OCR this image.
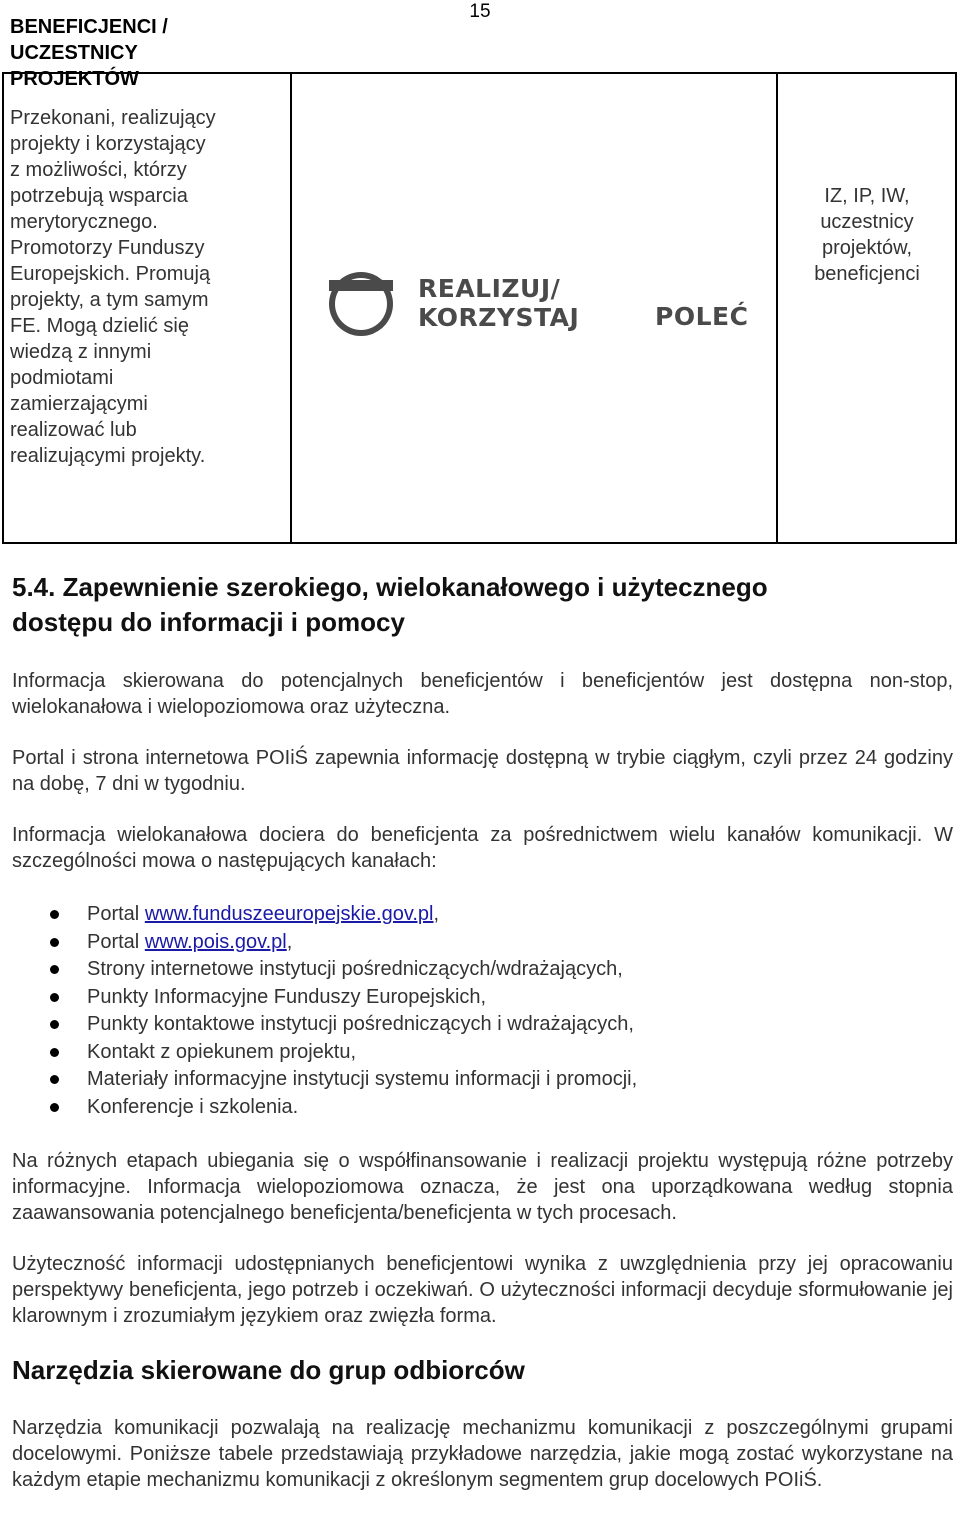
15
BENEFICJENCI /
UCZESTNICY
PROJEKTÓW
Przekonani, realizujący
projekty i korzystający
z możliwości, którzy
potrzebują wsparcia
merytorycznego.
Promotorzy Funduszy
Europejskich. Promują
projekty, a tym samym
FE. Mogą dzielić się
wiedzą z innymi
podmiotami
zamierzającymi
realizować lub
realizującymi projekty.
REALIZUJ/
KORZYSTAJ	POLEĆ
IZ, IP, IW,
uczestnicy
projektów,
beneficjenci
5.4. Zapewnienie szerokiego, wielokanałowego i użytecznego
dostępu do informacji i pomocy
Informacja skierowana do potencjalnych beneficjentów i beneficjentów jest dostępna non-stop, wielokanałowa i wielopoziomowa oraz użyteczna.
Portal i strona internetowa POIiŚ zapewnia informację dostępną w trybie ciągłym, czyli przez 24 godziny na dobę, 7 dni w tygodniu.
Informacja wielokanałowa dociera do beneficjenta za pośrednictwem wielu kanałów komunikacji. W szczególności mowa o następujących kanałach:
Portal www.funduszeeuropejskie.gov.pl,
Portal www.pois.gov.pl,
Strony internetowe instytucji pośredniczących/wdrażających,
Punkty Informacyjne Funduszy Europejskich,
Punkty kontaktowe instytucji pośredniczących i wdrażających,
Kontakt z opiekunem projektu,
Materiały informacyjne instytucji systemu informacji i promocji,
Konferencje i szkolenia.
Na różnych etapach ubiegania się o współfinansowanie i realizacji projektu występują różne potrzeby informacyjne. Informacja wielopoziomowa oznacza, że jest ona uporządkowana według stopnia zaawansowania potencjalnego beneficjenta/beneficjenta w tych procesach.
Użyteczność informacji udostępnianych beneficjentowi wynika z uwzględnienia przy jej opracowaniu perspektywy beneficjenta, jego potrzeb i oczekiwań. O użyteczności informacji decyduje sformułowanie jej klarownym i zrozumiałym językiem oraz zwięzła forma.
Narzędzia skierowane do grup odbiorców
Narzędzia komunikacji pozwalają na realizację mechanizmu komunikacji z poszczególnymi grupami docelowymi. Poniższe tabele przedstawiają przykładowe narzędzia, jakie mogą zostać wykorzystane na każdym etapie mechanizmu komunikacji z określonym segmentem grup docelowych POIiŚ.
